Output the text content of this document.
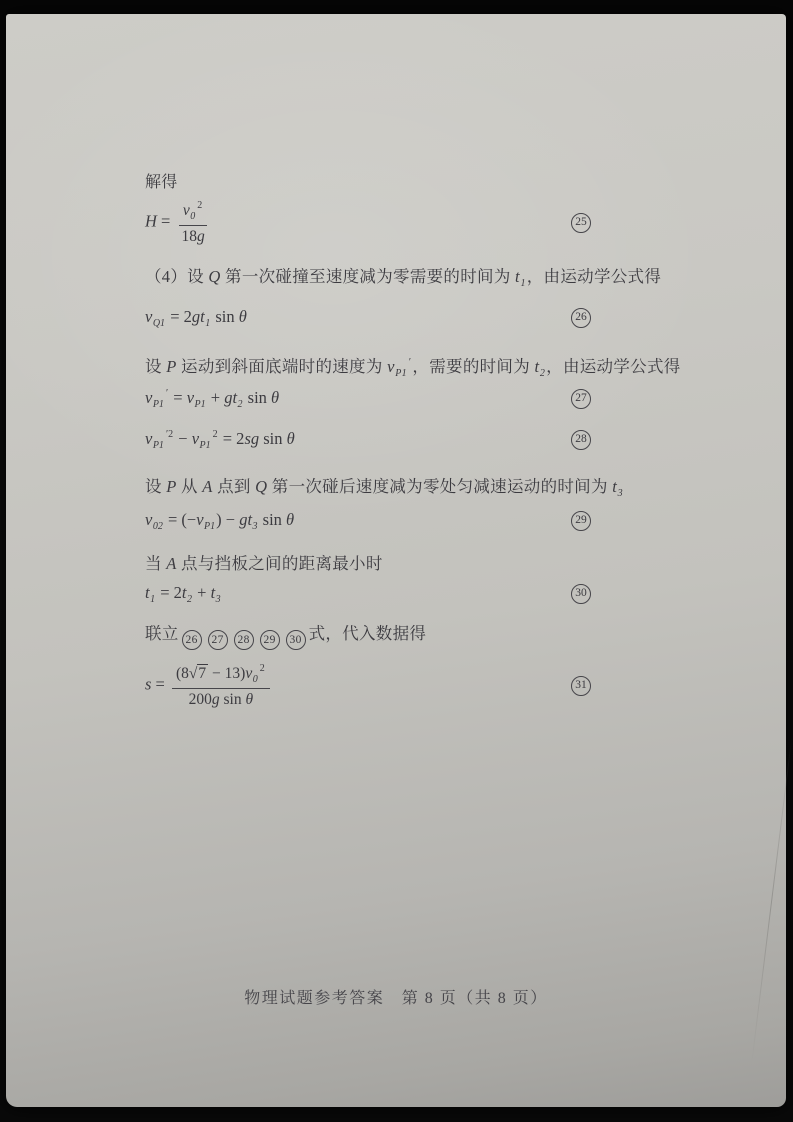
解得
$H = \frac{v_0^2}{18g}$	25
（4）设 Q 第一次碰撞至速度减为零需要的时间为 $t_1$，由运动学公式得
$v_{Q1} = 2gt_1$ sin θ	26
设 P 运动到斜面底端时的速度为 $v_{P1}'$，需要的时间为 $t_2$，由运动学公式得
$v_{P1}' = v_{P1} + gt_2$ sin θ	27
$v_{P1}^{'2} - v_{P1}^2 = 2sg$ sin θ	28
设 P 从 A 点到 Q 第一次碰后速度减为零处匀减速运动的时间为 $t_3$
$v_{02} = (-v_{P1}) - gt_3$ sin θ	29
当 A 点与挡板之间的距离最小时
$t_1 = 2t_2 + t_3$
30
联立 26 27 28 29 30 式，代入数据得
$s = \frac{(8√7 - 13)v_0^2}{\text{200g sin θ}}$	31
物理试题参考答案　第 8 页（共 8 页）
